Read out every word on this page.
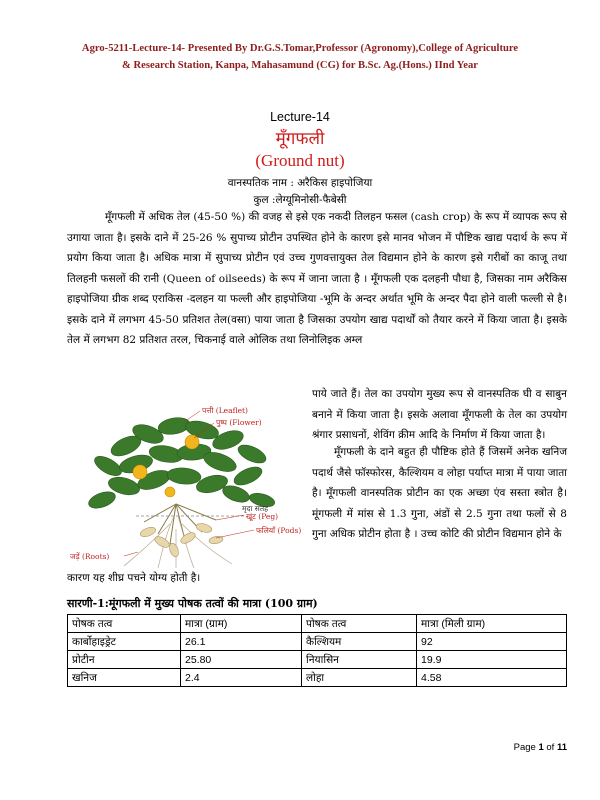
Agro-5211-Lecture-14- Presented By Dr.G.S.Tomar,Professor (Agronomy),College of Agriculture
& Research Station, Kanpa, Mahasamund (CG) for B.Sc. Ag.(Hons.) IInd Year
Lecture-14
मूँगफली
(Ground nut)
वानस्पतिक नाम : अरैकिस हाइपोजिया
कुल :लेग्यूमिनोसी-फैबेसी
मूँगफली में अधिक तेल (45-50 %) की वजह से इसे एक नकदी तिलहन फसल (cash crop) के रूप में व्यापक रूप से उगाया जाता है। इसके दाने में 25-26 % सुपाच्य प्रोटीन उपस्थित होने के कारण इसे मानव भोजन में पौष्टिक खाद्य पदार्थ के रूप में प्रयोग किया जाता है। अधिक मात्रा में सुपाच्य प्रोटीन एवं उच्च गुणवत्तायुक्त तेल विद्यमान होने के कारण इसे गरीबों का काजू तथा तिलहनी फसलों की रानी (Queen of oilseeds) के रूप में जाना जाता है । मूँगफली एक दलहनी पौधा है, जिसका नाम अरैकिस हाइपोजिया ग्रीक शब्द एराकिस -दलहन या फल्ली और हाइपोजिया -भूमि के अन्दर अर्थात भूमि के अन्दर पैदा होने वाली फल्ली से है। इसके दाने में लगभग 45-50 प्रतिशत तेल(वसा) पाया जाता है जिसका उपयोग खाद्य पदार्थों को तैयार करने में किया जाता है। इसके तेल में लगभग 82 प्रतिशत तरल, चिकनाई वाले ओलिक तथा लिनोलिइक अम्ल
पत्ती (Leaflet)
पुष्प (Flower)
मृदा सतह
खूंट (Peg)
फलियाँ (Pods)
जड़ें (Roots)
पाये जाते हैं। तेल का उपयोग मुख्य रूप से वानस्पतिक घी व साबुन बनाने में किया जाता है। इसके अलावा मूँगफली के तेल का उपयोग श्रंगार प्रसाधनों, शेविंग क्रीम आदि के निर्माण में किया जाता है।
मूँगफली के दाने बहुत ही पौष्टिक होते हैं जिसमें अनेक खनिज पदार्थ जैसे फॉस्फोरस, कैल्शियम व लोहा पर्याप्त मात्रा में पाया जाता है। मूँगफली वानस्पतिक प्रोटीन का एक अच्छा एंव सस्ता स्त्रोत है। मूंगफली में मांस से 1.3 गुना, अंडों से 2.5 गुना तथा फलों से 8 गुना अधिक प्रोटीन होता है । उच्च कोटि की प्रोटीन विद्यमान होने के
कारण यह शीघ्र पचने योग्य होती है।
सारणी-1:मूंगफली में मुख्य पोषक तत्वों की मात्रा (100 ग्राम)
पोषक तत्व	मात्रा (ग्राम)	पोषक तत्व	मात्रा (मिली ग्राम)
कार्बोहाइड्रेट	26.1	कैल्शियम	92
प्रोटीन	25.80	नियासिन	19.9
खनिज	2.4	लोहा	4.58
Page 1 of 11
